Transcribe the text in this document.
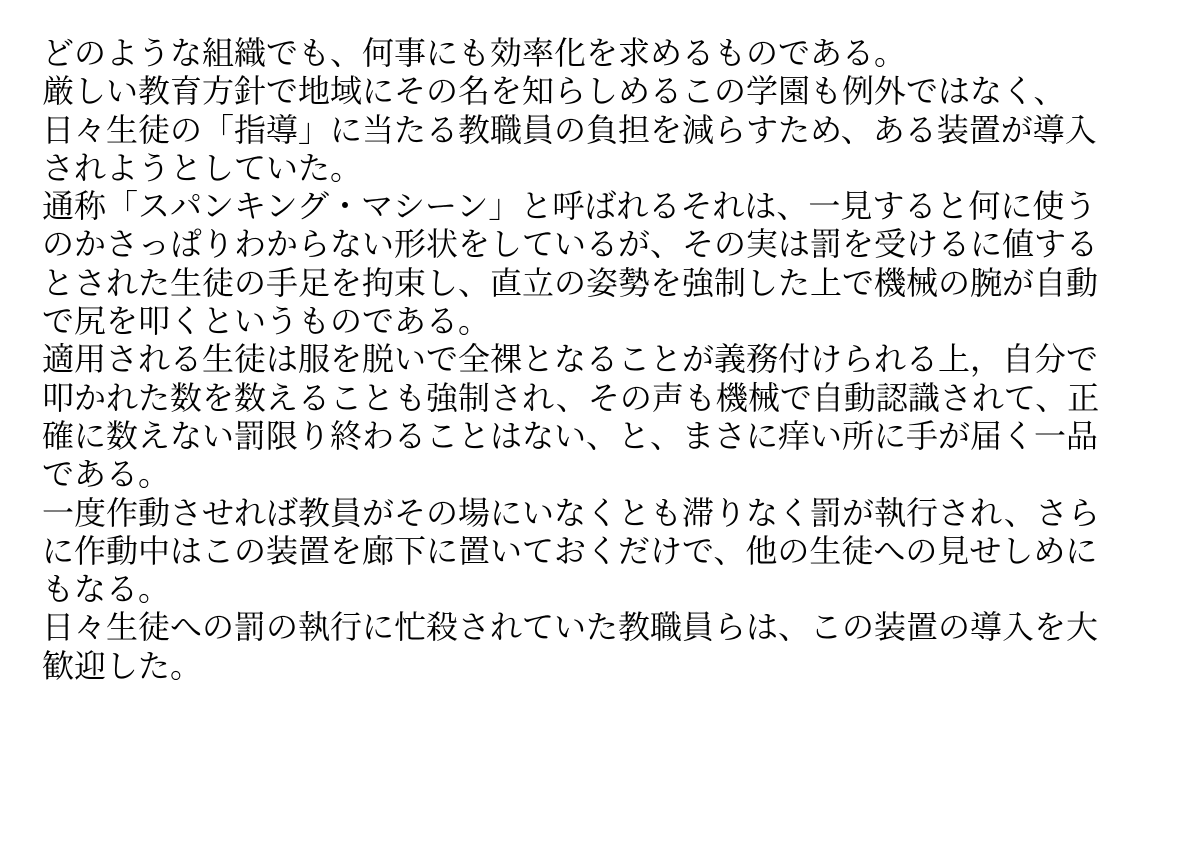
どのような組織でも、何事にも効率化を求めるものである。
厳しい教育方針で地域にその名を知らしめるこの学園も例外ではなく、
日々生徒の「指導」に当たる教職員の負担を減らすため、ある装置が導入
されようとしていた。
通称「スパンキング・マシーン」と呼ばれるそれは、一見すると何に使う
のかさっぱりわからない形状をしているが、その実は罰を受けるに値する
とされた生徒の手足を拘束し、直立の姿勢を強制した上で機械の腕が自動
で尻を叩くというものである。
適用される生徒は服を脱いで全裸となることが義務付けられる上，自分で
叩かれた数を数えることも強制され、その声も機械で自動認識されて、正
確に数えない罰限り終わることはない、と、まさに痒い所に手が届く一品
である。
一度作動させれば教員がその場にいなくとも滞りなく罰が執行され、さら
に作動中はこの装置を廊下に置いておくだけで、他の生徒への見せしめに
もなる。
日々生徒への罰の執行に忙殺されていた教職員らは、この装置の導入を大
歓迎した。
